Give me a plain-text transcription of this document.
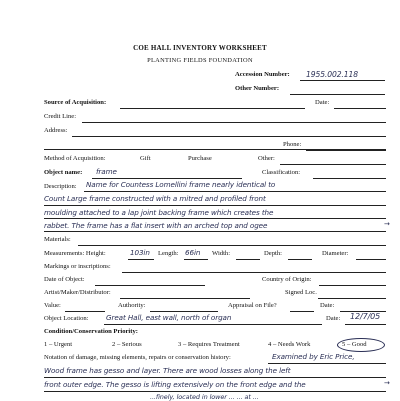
COE HALL INVENTORY WORKSHEET
PLANTING FIELDS FOUNDATION
Accession Number: 1955.002.118
Other Number:
Source of Acquisition:	Date:
Credit Line:
Address:
Phone:
Method of Acquisition:	Gift	Purchase	Other:
Object name: frame	Classification:
Description: Name for Countess Lomellini frame nearly identical to
Count Large frame constructed with a mitred and profiled front
moulding attached to a lap joint backing frame which creates the
rabbet. The frame has a flat insert with an arched top and ogee	→
Materials:
Measurements: Height:	103in Length: 66in Width:	Depth:	Diameter:
Markings or inscriptions:
Date of Object:	Country of Origin:
Artist/Maker/Distributor:	Signed Loc.
Value:	Authority:	Appraisal on File?	Date:
Object Location: Great Hall, east wall, north of organ	Date: 12/7/05
Condition/Conservation Priority:
1 – Urgent	2 – Serious	3 – Requires Treatment	4 – Needs Work	5 – Good
Notation of damage, missing elements, repairs or conservation history:	Examined by Eric Price,
Wood frame has gesso and layer. There are wood losses along the left
front outer edge. The gesso is lifting extensively on the front edge and the	→
...finely, located in lower ... ... at ...
